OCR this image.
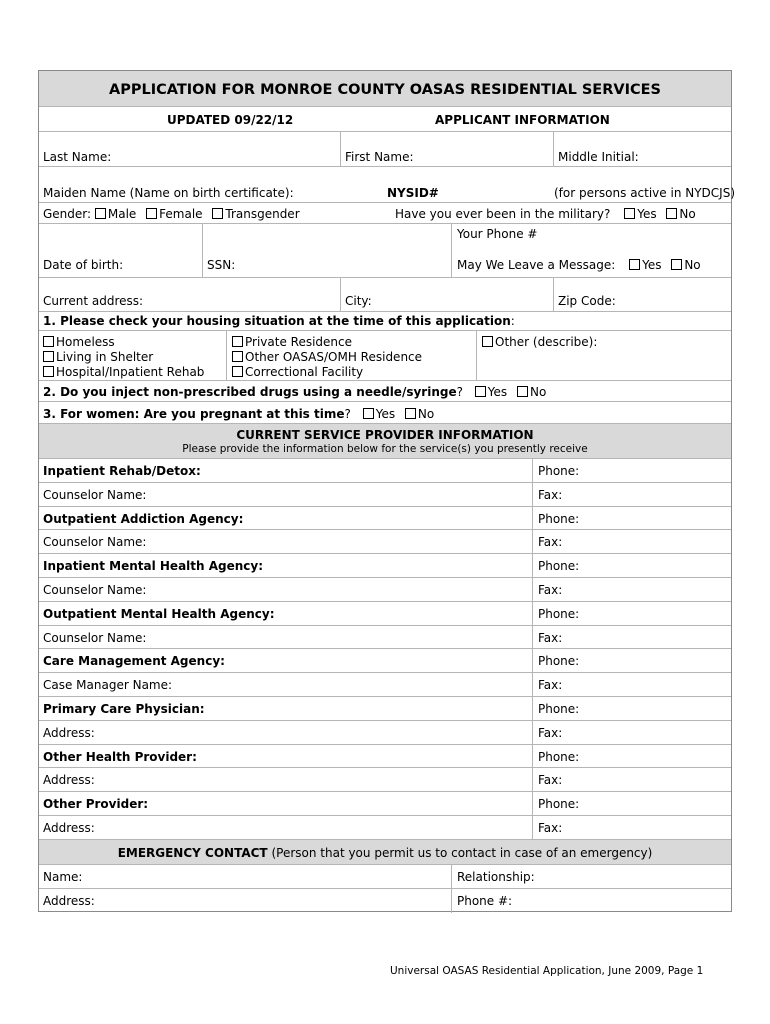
APPLICATION FOR MONROE COUNTY OASAS RESIDENTIAL SERVICES
UPDATED 09/22/12	APPLICANT INFORMATION
Last Name:	First Name:	Middle Initial:
Maiden Name (Name on birth certificate):	NYSID#	(for persons active in NYDCJS)
Gender: Male Female Transgender	Have you ever been in the military? Yes No
Your Phone #
Date of birth:	SSN:	May We Leave a Message: Yes No
Current address:	City:	Zip Code:
1. Please check your housing situation at the time of this application:
Homeless
Living in Shelter
Hospital/Inpatient Rehab
Private Residence
Other OASAS/OMH Residence
Correctional Facility
Other (describe):
2. Do you inject non-prescribed drugs using a needle/syringe? Yes No
3. For women: Are you pregnant at this time? Yes No
CURRENT SERVICE PROVIDER INFORMATION
Please provide the information below for the service(s) you presently receive
Inpatient Rehab/Detox:	Phone:
Counselor Name:	Fax:
Outpatient Addiction Agency:	Phone:
Counselor Name:	Fax:
Inpatient Mental Health Agency:	Phone:
Counselor Name:	Fax:
Outpatient Mental Health Agency:	Phone:
Counselor Name:	Fax:
Care Management Agency:	Phone:
Case Manager Name:	Fax:
Primary Care Physician:	Phone:
Address:	Fax:
Other Health Provider:	Phone:
Address:	Fax:
Other Provider:	Phone:
Address:	Fax:
EMERGENCY CONTACT (Person that you permit us to contact in case of an emergency)
Name:	Relationship:
Address:	Phone #:
Universal OASAS Residential Application, June 2009, Page 1
